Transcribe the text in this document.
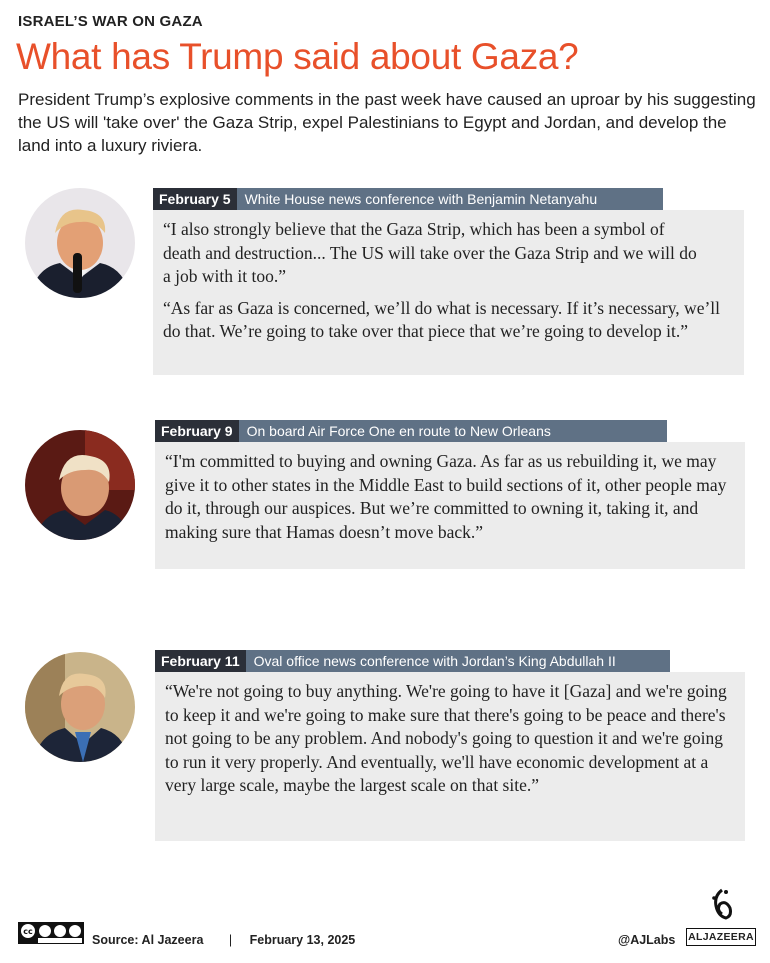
ISRAEL’S WAR ON GAZA
What has Trump said about Gaza?
President Trump’s explosive comments in the past week have caused an uproar by his suggesting the US will 'take over' the Gaza Strip, expel Palestinians to Egypt and Jordan, and develop the land into a luxury riviera.
February 5	White House news conference with Benjamin Netanyahu

“I also strongly believe that the Gaza Strip, which has been a symbol of death and destruction... The US will take over the Gaza Strip and we will do a job with it too.”

“As far as Gaza is concerned, we’ll do what is necessary. If it’s necessary, we’ll do that. We’re going to take over that piece that we’re going to develop it.”

February 9	On board Air Force One en route to New Orleans

“I'm committed to buying and owning Gaza. As far as us rebuilding it, we may give it to other states in the Middle East to build sections of it, other people may do it, through our auspices. But we’re committed to owning it, taking it, and making sure that Hamas doesn’t move back.”

February 11	Oval office news conference with Jordan’s King Abdullah II

“We're not going to buy anything. We're going to have it [Gaza] and we're going to keep it and we're going to make sure that there's going to be peace and there's not going to be any problem. And nobody's going to question it and we're going to run it very properly. And eventually, we'll have economic development at a very large scale, maybe the largest scale on that site.”

cc
Source: Al Jazeera | February 13, 2025	@AJLabs ALJAZEERA
